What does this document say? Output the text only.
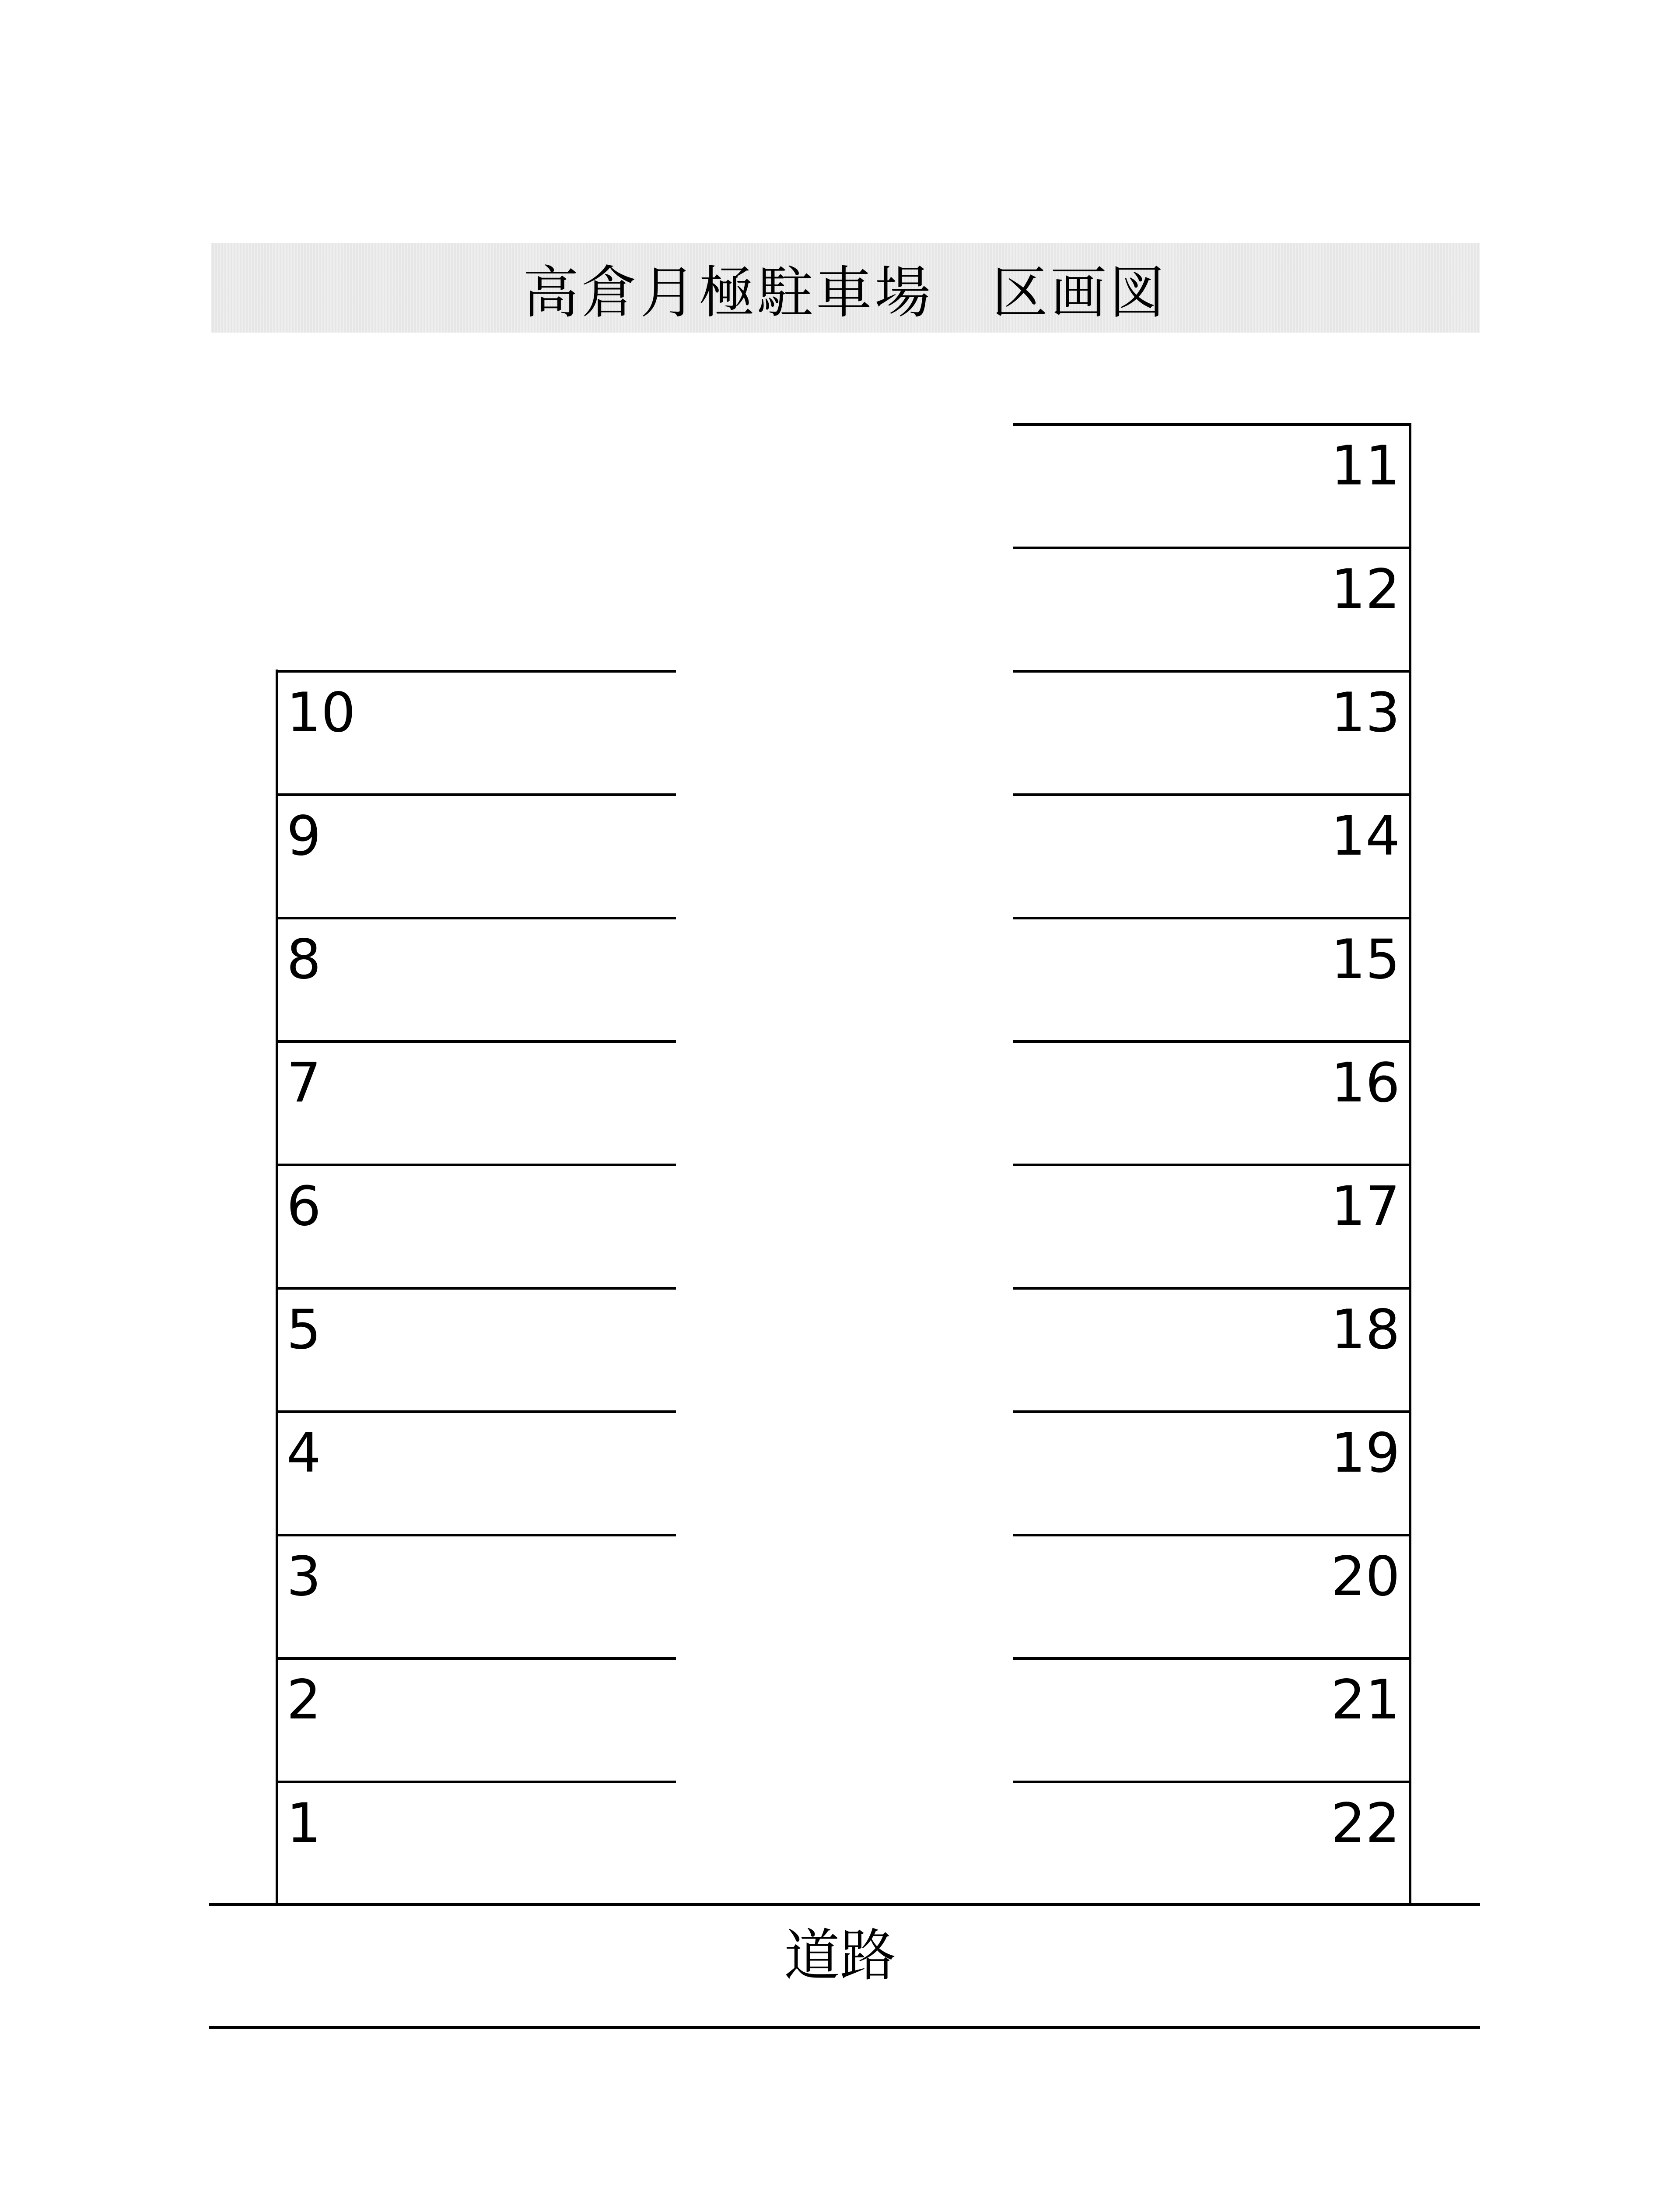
高倉月極駐車場　区画図
道路
10
9
8
7
6
5
4
3
2
1
11
12
13
14
15
16
17
18
19
20
21
22
